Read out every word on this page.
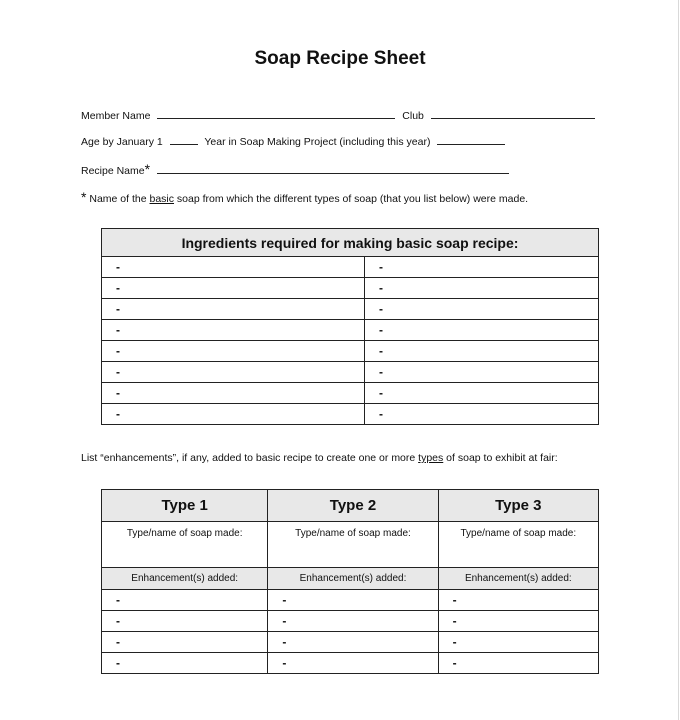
Soap Recipe Sheet
Member Name	Club
Age by January 1	Year in Soap Making Project (including this year)
Recipe Name*
* Name of the basic soap from which the different types of soap (that you list below) were made.
Ingredients required for making basic soap recipe:	
-	-
-	-
-	-
-	-
-	-
-	-
-	-
-	-
List “enhancements”, if any, added to basic recipe to create one or more types of soap to exhibit at fair:
Type 1	Type 2	Type 3
Type/name of soap made:	Type/name of soap made:	Type/name of soap made:
Enhancement(s) added:	Enhancement(s) added:	Enhancement(s) added:
-	-	-
-	-	-
-	-	-
-	-	-
